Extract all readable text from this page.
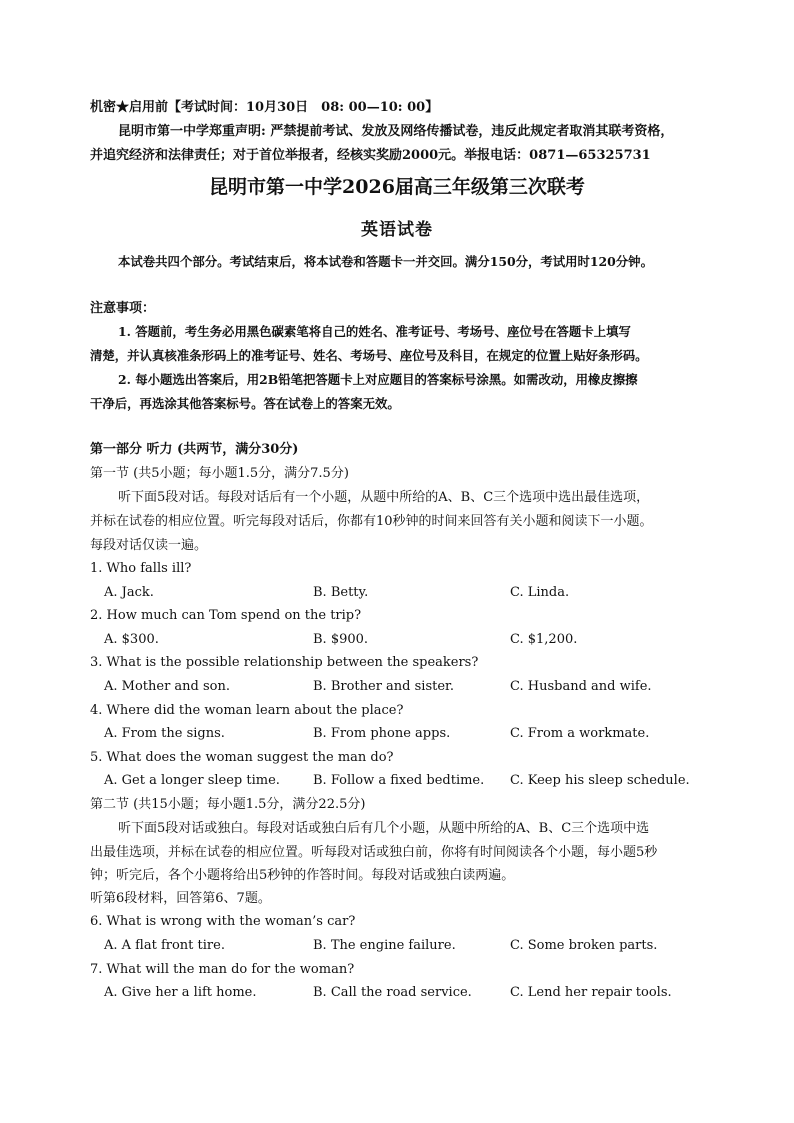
机密★启用前【考试时间：10月30日　08: 00—10: 00】
昆明市第一中学郑重声明: 严禁提前考试、发放及网络传播试卷，违反此规定者取消其联考资格，
并追究经济和法律责任；对于首位举报者，经核实奖励2000元。举报电话：0871—65325731
昆明市第一中学2026届高三年级第三次联考
英语试卷
本试卷共四个部分。考试结束后，将本试卷和答题卡一并交回。满分150分，考试用时120分钟。
注意事项：
1. 答题前，考生务必用黑色碳素笔将自己的姓名、准考证号、考场号、座位号在答题卡上填写
清楚，并认真核准条形码上的准考证号、姓名、考场号、座位号及科目，在规定的位置上贴好条形码。
2. 每小题选出答案后，用2B铅笔把答题卡上对应题目的答案标号涂黑。如需改动，用橡皮擦擦
干净后，再选涂其他答案标号。答在试卷上的答案无效。
第一部分 听力 (共两节，满分30分)
第一节 (共5小题；每小题1.5分，满分7.5分)
听下面5段对话。每段对话后有一个小题，从题中所给的A、B、C三个选项中选出最佳选项，
并标在试卷的相应位置。听完每段对话后，你都有10秒钟的时间来回答有关小题和阅读下一小题。
每段对话仅读一遍。
1. Who falls ill?
A. Jack.	B. Betty.	C. Linda.
2. How much can Tom spend on the trip?
A. $300.	B. $900.	C. $1,200.
3. What is the possible relationship between the speakers?
A. Mother and son.	B. Brother and sister.	C. Husband and wife.
4. Where did the woman learn about the place?
A. From the signs.	B. From phone apps.	C. From a workmate.
5. What does the woman suggest the man do?
A. Get a longer sleep time.	B. Follow a fixed bedtime. C. Keep his sleep schedule.
第二节 (共15小题；每小题1.5分，满分22.5分)
听下面5段对话或独白。每段对话或独白后有几个小题，从题中所给的A、B、C三个选项中选
出最佳选项，并标在试卷的相应位置。听每段对话或独白前，你将有时间阅读各个小题，每小题5秒
钟；听完后，各个小题将给出5秒钟的作答时间。每段对话或独白读两遍。
听第6段材料，回答第6、7题。
6. What is wrong with the woman’s car?
A. A flat front tire.	B. The engine failure.	C. Some broken parts.
7. What will the man do for the woman?
A. Give her a lift home.	B. Call the road service.	C. Lend her repair tools.
